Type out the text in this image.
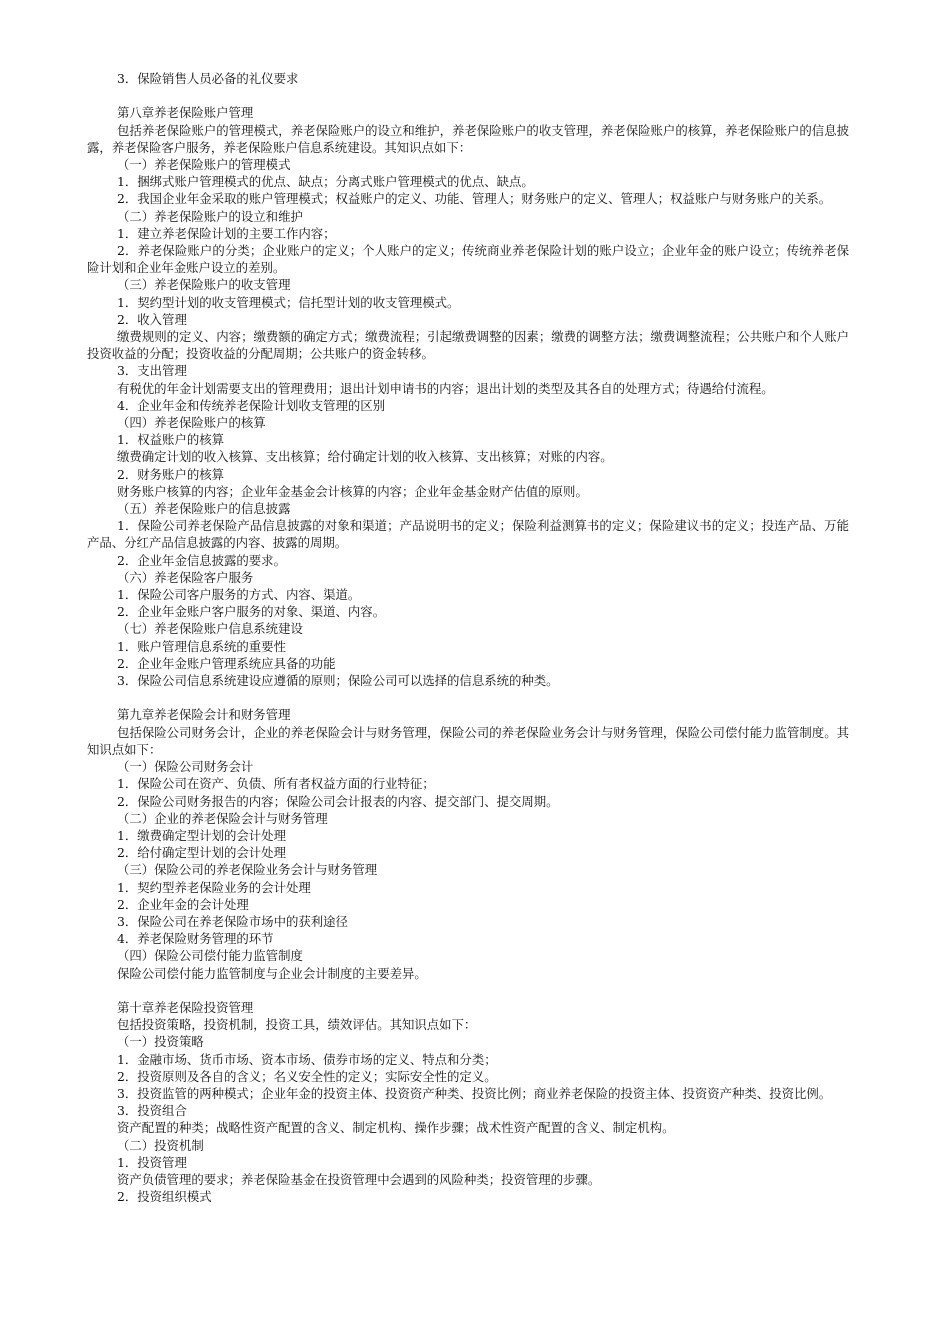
3．保险销售人员必备的礼仪要求
第八章养老保险账户管理
包括养老保险账户的管理模式，养老保险账户的设立和维护，养老保险账户的收支管理，养老保险账户的核算，养老保险账户的信息披露，养老保险客户服务，养老保险账户信息系统建设。其知识点如下：
（一）养老保险账户的管理模式
1．捆绑式账户管理模式的优点、缺点；分离式账户管理模式的优点、缺点。
2．我国企业年金采取的账户管理模式；权益账户的定义、功能、管理人；财务账户的定义、管理人；权益账户与财务账户的关系。
（二）养老保险账户的设立和维护
1．建立养老保险计划的主要工作内容；
2．养老保险账户的分类；企业账户的定义；个人账户的定义；传统商业养老保险计划的账户设立；企业年金的账户设立；传统养老保险计划和企业年金账户设立的差别。
（三）养老保险账户的收支管理
1．契约型计划的收支管理模式；信托型计划的收支管理模式。
2．收入管理
缴费规则的定义、内容；缴费额的确定方式；缴费流程；引起缴费调整的因素；缴费的调整方法；缴费调整流程；公共账户和个人账户投资收益的分配；投资收益的分配周期；公共账户的资金转移。
3．支出管理
有税优的年金计划需要支出的管理费用；退出计划申请书的内容；退出计划的类型及其各自的处理方式；待遇给付流程。
4．企业年金和传统养老保险计划收支管理的区别
（四）养老保险账户的核算
1．权益账户的核算
缴费确定计划的收入核算、支出核算；给付确定计划的收入核算、支出核算；对账的内容。
2．财务账户的核算
财务账户核算的内容；企业年金基金会计核算的内容；企业年金基金财产估值的原则。
（五）养老保险账户的信息披露
1．保险公司养老保险产品信息披露的对象和渠道；产品说明书的定义；保险利益测算书的定义；保险建议书的定义；投连产品、万能产品、分红产品信息披露的内容、披露的周期。
2．企业年金信息披露的要求。
（六）养老保险客户服务
1．保险公司客户服务的方式、内容、渠道。
2．企业年金账户客户服务的对象、渠道、内容。
（七）养老保险账户信息系统建设
1．账户管理信息系统的重要性
2．企业年金账户管理系统应具备的功能
3．保险公司信息系统建设应遵循的原则；保险公司可以选择的信息系统的种类。
第九章养老保险会计和财务管理
包括保险公司财务会计，企业的养老保险会计与财务管理，保险公司的养老保险业务会计与财务管理，保险公司偿付能力监管制度。其知识点如下：
（一）保险公司财务会计
1．保险公司在资产、负债、所有者权益方面的行业特征；
2．保险公司财务报告的内容；保险公司会计报表的内容、提交部门、提交周期。
（二）企业的养老保险会计与财务管理
1．缴费确定型计划的会计处理
2．给付确定型计划的会计处理
（三）保险公司的养老保险业务会计与财务管理
1．契约型养老保险业务的会计处理
2．企业年金的会计处理
3．保险公司在养老保险市场中的获利途径
4．养老保险财务管理的环节
（四）保险公司偿付能力监管制度
保险公司偿付能力监管制度与企业会计制度的主要差异。
第十章养老保险投资管理
包括投资策略，投资机制，投资工具，绩效评估。其知识点如下：
（一）投资策略
1．金融市场、货币市场、资本市场、债券市场的定义、特点和分类；
2．投资原则及各自的含义；名义安全性的定义；实际安全性的定义。
3．投资监管的两种模式；企业年金的投资主体、投资资产种类、投资比例；商业养老保险的投资主体、投资资产种类、投资比例。
3．投资组合
资产配置的种类；战略性资产配置的含义、制定机构、操作步骤；战术性资产配置的含义、制定机构。
（二）投资机制
1．投资管理
资产负债管理的要求；养老保险基金在投资管理中会遇到的风险种类；投资管理的步骤。
2．投资组织模式
